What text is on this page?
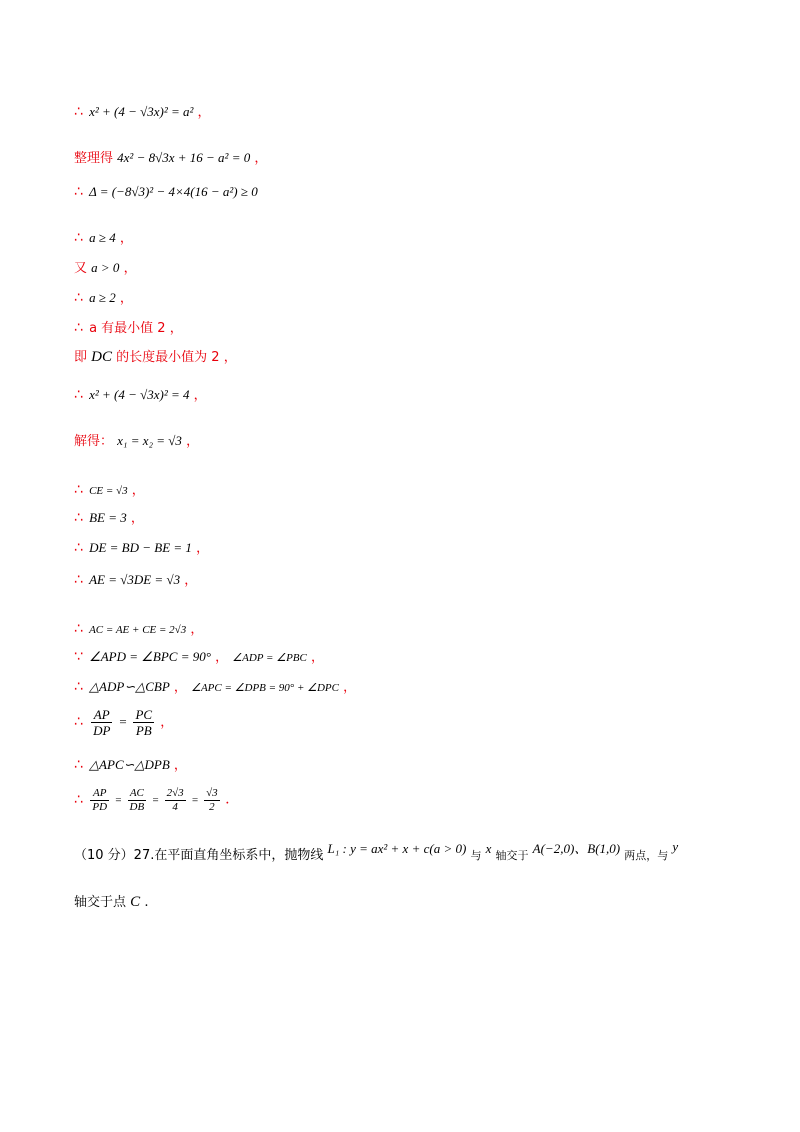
∴ x² + (4 − √3x)² = a² ，
整理得 4x² − 8√3x + 16 − a² = 0 ，
∴ Δ = (−8√3)² − 4×4(16 − a²) ≥ 0
∴ a ≥ 4 ，
又 a > 0 ，
∴ a ≥ 2 ，
∴ a 有最小值 2 ，
即 DC 的长度最小值为 2 ，
∴ x² + (4 − √3x)² = 4 ，
解得： x₁ = x₂ = √3 ，
∴ CE = √3 ，
∴ BE = 3 ，
∴ DE = BD − BE = 1 ，
∴ AE = √3DE = √3 ，
∴ AC = AE + CE = 2√3 ，
∵ ∠APD = ∠BPC = 90° ， ∠ADP = ∠PBC ，
∴ △ADP∽△CBP ， ∠APC = ∠DPB = 90° + ∠DPC ，
∴ $\frac{AP}{DP} = \frac{PC}{PB}$ ，
∴ △APC∽△DPB ，
∴ $\frac{AP}{PD} = \frac{AC}{DB} = \frac{2√3}{4} = \frac{√3}{2}$ .
（10 分）27.在平面直角坐标系中，抛物线 L₁ : y = ax² + x + c(a > 0) 与 x 轴交于 A(−2,0)、B(1,0) 两点，与 y
轴交于点 C .
